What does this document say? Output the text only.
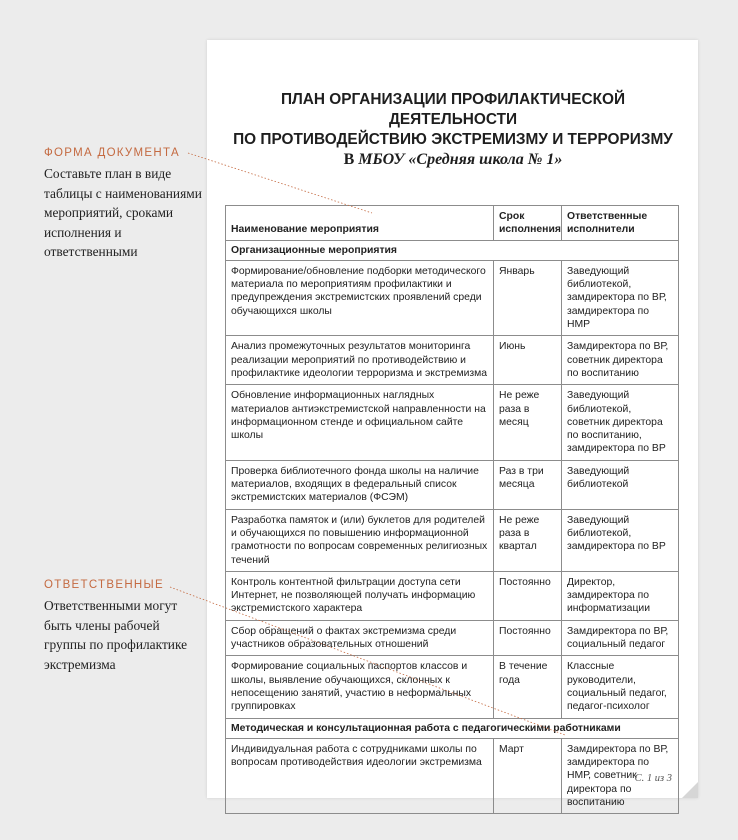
ПЛАН ОРГАНИЗАЦИИ ПРОФИЛАКТИЧЕСКОЙ ДЕЯТЕЛЬНОСТИ
ПО ПРОТИВОДЕЙСТВИЮ ЭКСТРЕМИЗМУ И ТЕРРОРИЗМУ
В МБОУ «Средняя школа № 1»
Наименование мероприятия	Срок исполнения	Ответственные исполнители
Организационные мероприятия		
Формирование/обновление подборки методического материала по мероприятиям профилактики и предупреждения экстремистских проявлений среди обучающихся школы	Январь	Заведующий библиотекой, замдиректора по ВР, замдиректора по НМР
Анализ промежуточных результатов мониторинга реализации мероприятий по противодействию и профилактике идеологии терроризма и экстремизма	Июнь	Замдиректора по ВР, советник директора по воспитанию
Обновление информационных наглядных материалов антиэкстремистской направленности на информационном стенде и официальном сайте школы	Не реже раза в месяц	Заведующий библиотекой, советник директора по воспитанию, замдиректора по ВР
Проверка библиотечного фонда школы на наличие материалов, входящих в федеральный список экстремистских материалов (ФСЭМ)	Раз в три месяца	Заведующий библиотекой
Разработка памяток и (или) буклетов для родителей и обучающихся по повышению информационной грамотности по вопросам современных религиозных течений	Не реже раза в квартал	Заведующий библиотекой, замдиректора по ВР
Контроль контентной фильтрации доступа сети Интернет, не позволяющей получать информацию экстремистского характера	Постоянно	Директор, замдиректора по информатизации
Сбор обращений о фактах экстремизма среди участников образовательных отношений	Постоянно	Замдиректора по ВР, социальный педагог
Формирование социальных паспортов классов и школы, выявление обучающихся, склонных к непосещению занятий, участию в неформальных группировках	В течение года	Классные руководители, социальный педагог, педагог-психолог
Методическая и консультационная работа с педагогическими работниками		
Индивидуальная работа с сотрудниками школы по вопросам противодействия идеологии экстремизма	Март	Замдиректора по ВР, замдиректора по НМР, советник директора по воспитанию
С. 1 из 3
ФОРМА ДОКУМЕНТА
Составьте план в виде таблицы с наименованиями мероприятий, сроками исполнения и ответственными
ОТВЕТСТВЕННЫЕ
Ответственными могут быть члены рабочей группы по профилактике экстремизма
